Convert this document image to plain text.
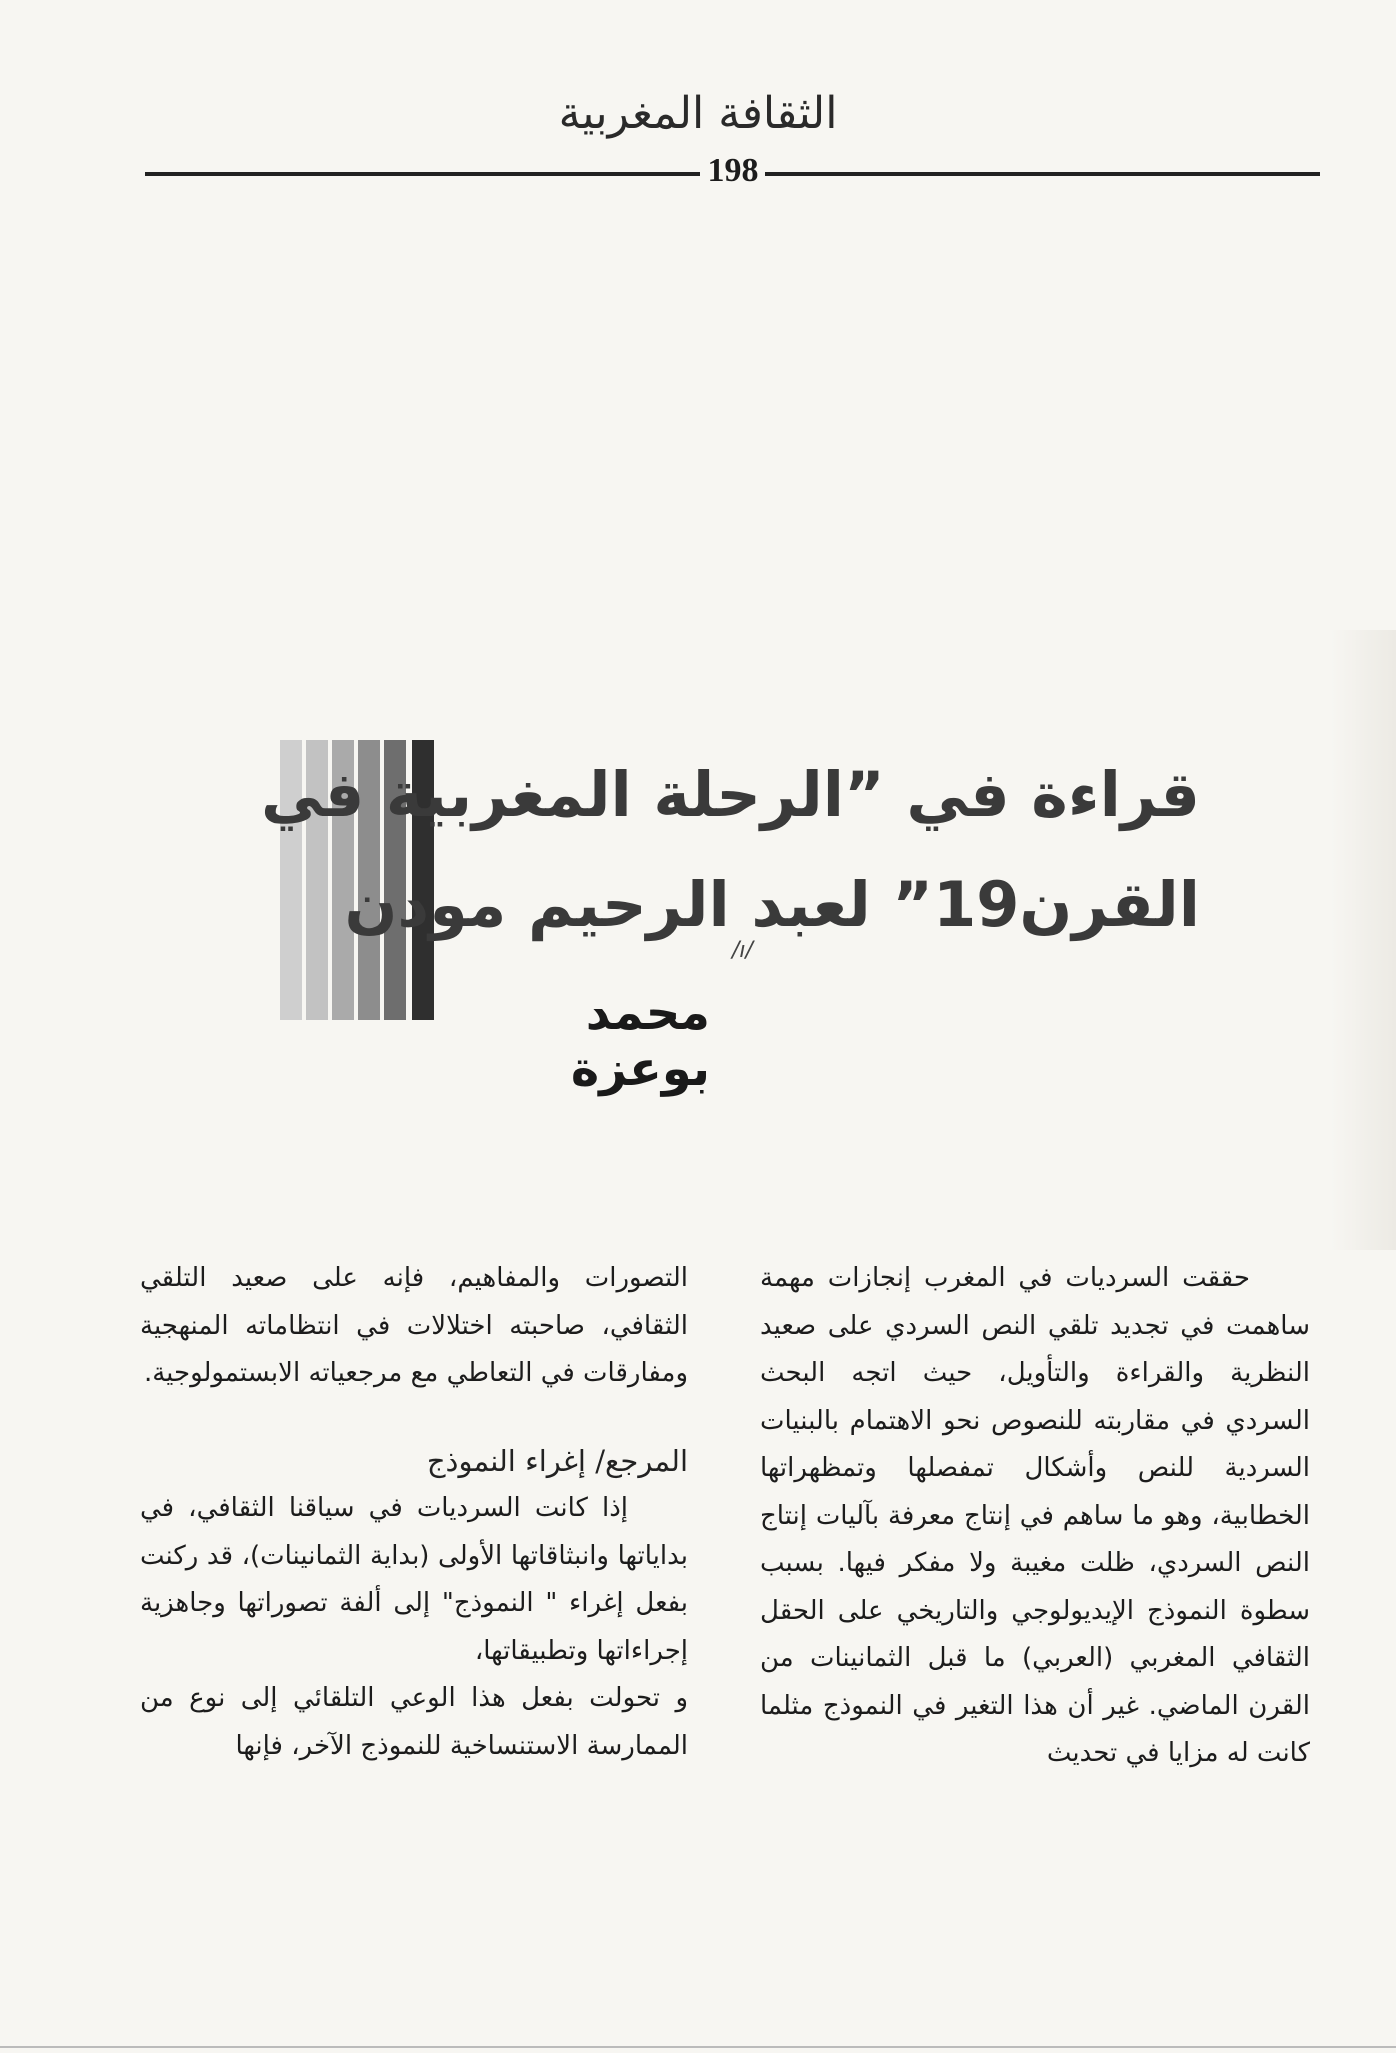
الثقافة المغربية
198
قراءة في ”الرحلة المغربية في
القرن19” لعبد الرحيم مودن
/ı/
محمد بوعزة

حققت السرديات في المغرب إنجازات مهمة ساهمت في تجديد تلقي النص السردي على صعيد النظرية والقراءة والتأويل، حيث اتجه البحث السردي في مقاربته للنصوص نحو الاهتمام بالبنيات السردية للنص وأشكال تمفصلها وتمظهراتها الخطابية، وهو ما ساهم في إنتاج معرفة بآليات إنتاج النص السردي، ظلت مغيبة ولا مفكر فيها. بسبب سطوة النموذج الإيديولوجي والتاريخي على الحقل الثقافي المغربي (العربي) ما قبل الثمانينات من القرن الماضي. غير أن هذا التغير في النموذج مثلما كانت له مزايا في تحديث

التصورات والمفاهيم، فإنه على صعيد التلقي الثقافي، صاحبته اختلالات في انتظاماته المنهجية ومفارقات في التعاطي مع مرجعياته الابستمولوجية.

المرجع/ إغراء النموذج

إذا كانت السرديات في سياقنا الثقافي، في بداياتها وانبثاقاتها الأولى (بداية الثمانينات)، قد ركنت بفعل إغراء " النموذج" إلى ألفة تصوراتها وجاهزية إجراءاتها وتطبيقاتها،

و تحولت بفعل هذا الوعي التلقائي إلى نوع من الممارسة الاستنساخية للنموذج الآخر، فإنها
